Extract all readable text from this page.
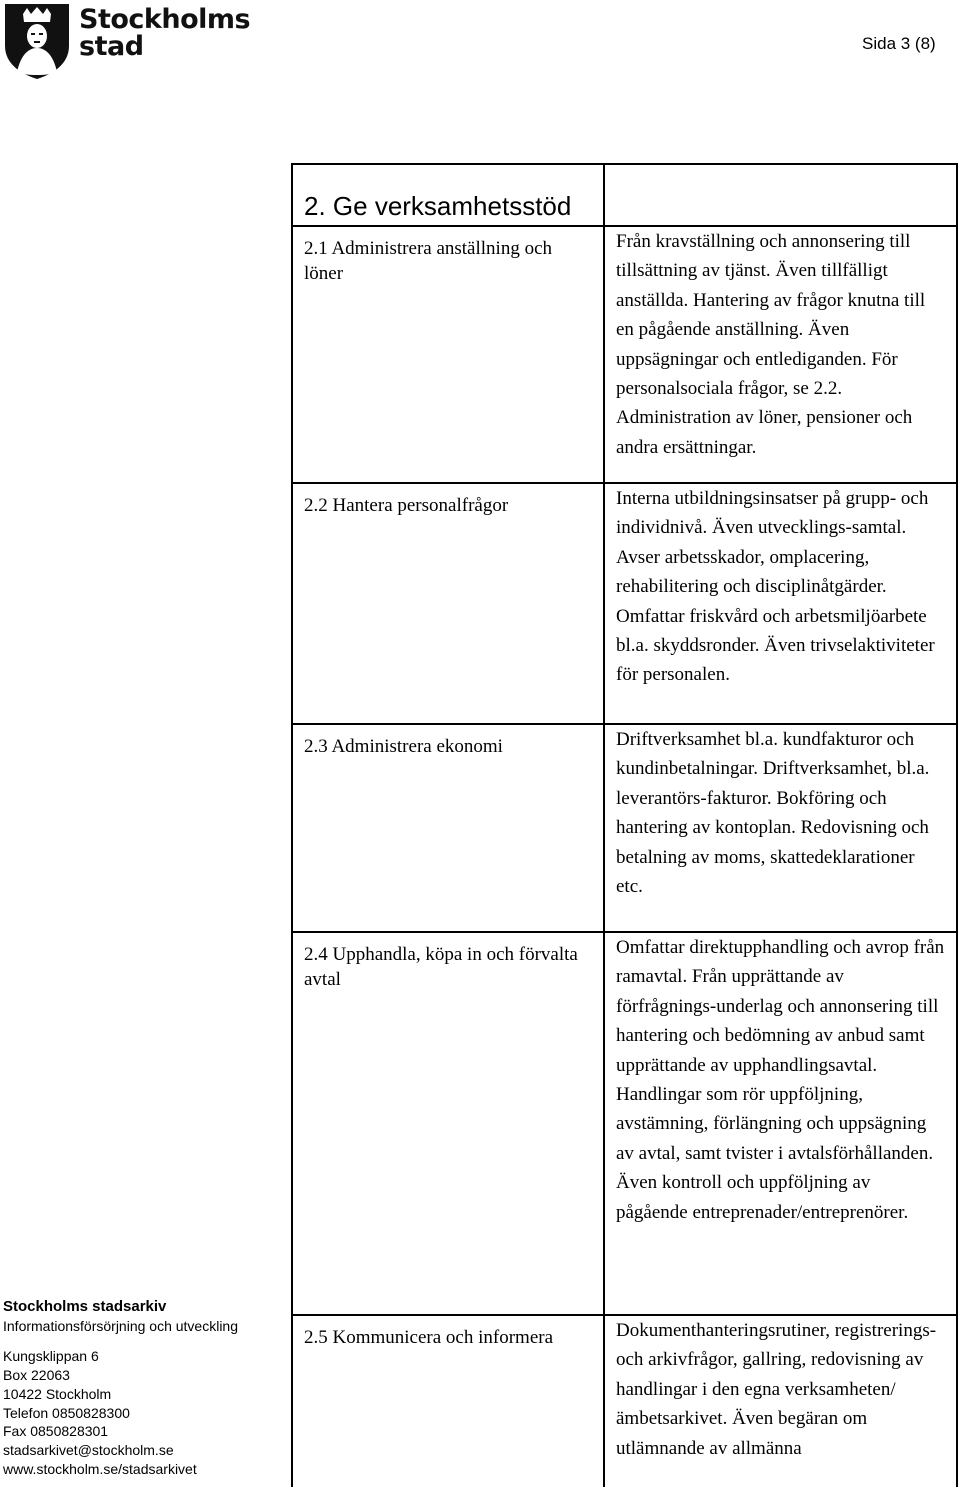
Stockholms
stad	Sida 3 (8)
2. Ge verksamhetsstöd	

2.1 Administrera anställning och löner	Från kravställning och annonsering till tillsättning av tjänst. Även tillfälligt anställda. Hantering av frågor knutna till en pågående anställning. Även uppsägningar och entlediganden. För personalsociala frågor, se 2.2. Administration av löner, pensioner och andra ersättningar.

2.2 Hantera personalfrågor	Interna utbildningsinsatser på grupp- och individnivå. Även utvecklings-samtal. Avser arbetsskador, omplacering, rehabilitering och disciplinåtgärder. Omfattar friskvård och arbetsmiljöarbete bl.a. skyddsronder. Även trivselaktiviteter för personalen.

2.3 Administrera ekonomi	Driftverksamhet bl.a. kundfakturor och kundinbetalningar. Driftverksamhet, bl.a. leverantörs-fakturor. Bokföring och hantering av kontoplan. Redovisning och betalning av moms, skattedeklarationer etc.

2.4 Upphandla, köpa in och förvalta avtal	Omfattar direktupphandling och avrop från ramavtal. Från upprättande av förfrågnings-underlag och annonsering till hantering och bedömning av anbud samt upprättande av upphandlingsavtal. Handlingar som rör uppföljning, avstämning, förlängning och uppsägning av avtal, samt tvister i avtalsförhållanden. Även kontroll och uppföljning av pågående entreprenader/entreprenörer.

2.5 Kommunicera och informera	Dokumenthanteringsrutiner, registrerings- och arkivfrågor, gallring, redovisning av handlingar i den egna verksamheten/ämbetsarkivet. Även begäran om utlämnande av allmänna
Stockholms stadsarkiv
Informationsförsörjning och utveckling
Kungsklippan 6
Box 22063
10422 Stockholm
Telefon 0850828300
Fax 0850828301
stadsarkivet@stockholm.se
www.stockholm.se/stadsarkivet
